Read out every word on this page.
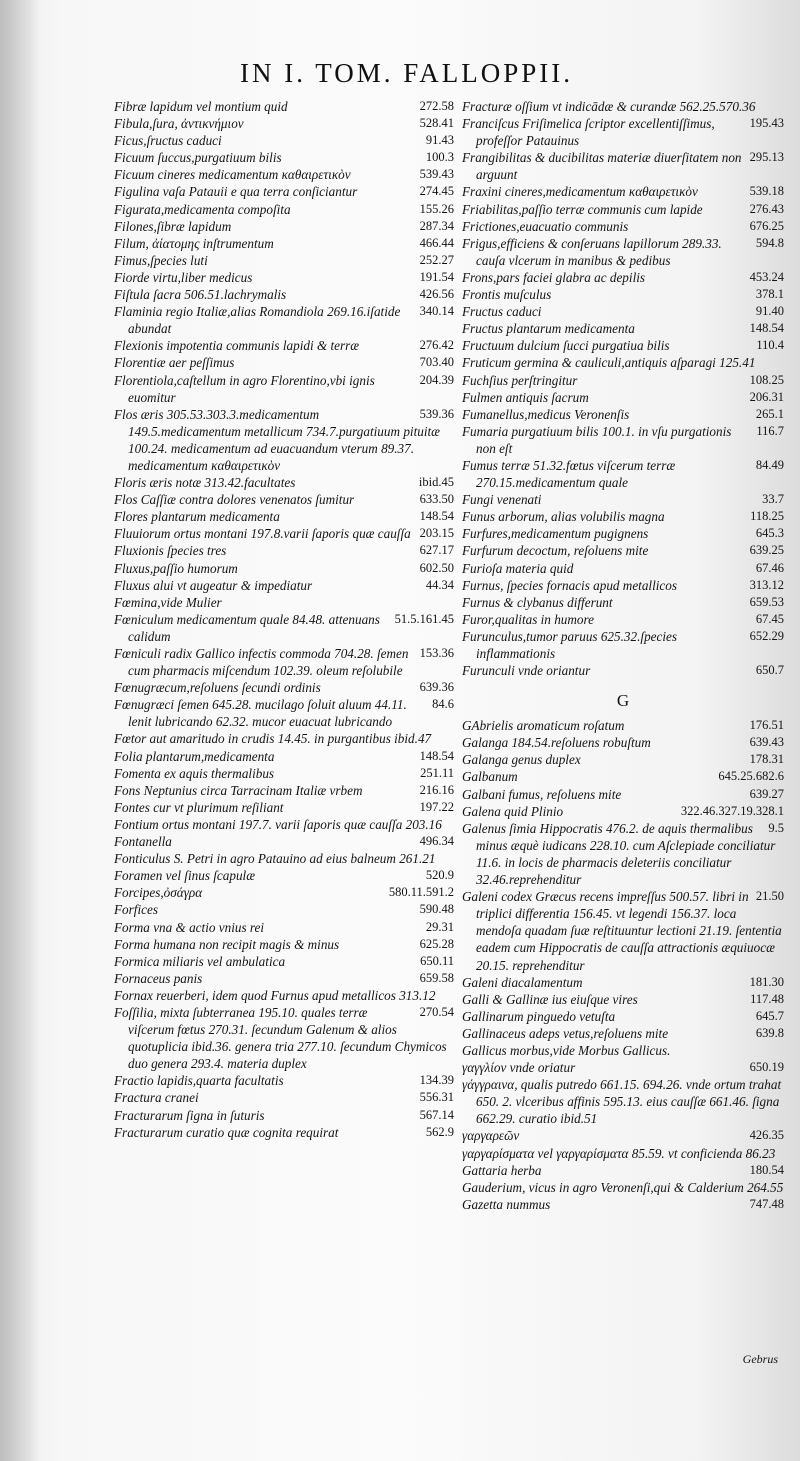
IN I. TOM. FALLOPPII.
272.58
Fibræ lapidum vel montium quid
528.41
Fibula,ſura, ἀντικνήμιον
91.43
Ficus,ſructus caduci
100.3
Ficuum ſuccus,purgatiuum bilis
539.43
Ficuum cineres medicamentum καθαιρετικὸν
274.45
Figulina vaſa Patauii e qua terra conſiciantur
155.26
Figurata,medicamenta compoſita
287.34
Filones,ſibræ lapidum
466.44
Filum, ἀίατομης inſtrumentum
252.27
Fimus,ſpecies luti
191.54
Fiorde virtu,liber medicus
426.56
Fiſtula ſacra 506.51.lachrymalis
340.14
Flaminia regio Italiæ,alias Romandiola 269.16.iſatide abundat
276.42
Flexionis impotentia communis lapidi & terræ
703.40
Florentiæ aer peſſimus
204.39
Florentiola,caſtellum in agro Florentino,vbi ignis euomitur
539.36
Flos æris 305.53.303.3.medicamentum 149.5.medicamentum metallicum 734.7.purgatiuum pituitæ 100.24. medicamentum ad euacuandum vterum 89.37. medicamentum καθαιρετικὸν
ibid.45
Floris æris notæ 313.42.facultates
633.50
Flos Caſſiæ contra dolores venenatos ſumitur
148.54
Flores plantarum medicamenta
203.15
Fluuiorum ortus montani 197.8.varii ſaporis quæ cauſſa
627.17
Fluxionis ſpecies tres
602.50
Fluxus,paſſio humorum
44.34
Fluxus alui vt augeatur & impediatur
Fœmina,vide Mulier
51.5.161.45
Fœniculum medicamentum quale 84.48. attenuans calidum
153.36
Fœniculi radix Gallico infectis commoda 704.28. ſemen cum pharmacis miſcendum 102.39. oleum reſolubile
639.36
Fœnugræcum,reſoluens ſecundi ordinis
84.6
Fœnugræci ſemen 645.28. mucilago ſoluit aluum 44.11. lenit lubricando 62.32. mucor euacuat lubricando
Fœtor aut amaritudo in crudis 14.45. in purgantibus ibid.47
148.54
Folia plantarum,medicamenta
251.11
Fomenta ex aquis thermalibus
216.16
Fons Neptunius circa Tarracinam Italiæ vrbem
197.22
Fontes cur vt plurimum reſiliant
Fontium ortus montani 197.7. varii ſaporis quæ cauſſa 203.16
496.34
Fontanella
Fonticulus S. Petri in agro Patauino ad eius balneum 261.21
520.9
Foramen vel ſinus ſcapulæ
580.11.591.2
Forcipes,ὀσάγρα
590.48
Forfices
29.31
Forma vna & actio vnius rei
625.28
Forma humana non recipit magis & minus
650.11
Formica miliaris vel ambulatica
659.58
Fornaceus panis
Fornax reuerberi, idem quod Furnus apud metallicos 313.12
270.54
Foſſilia, mixta ſubterranea 195.10. quales terræ viſcerum fœtus 270.31. ſecundum Galenum & alios quotuplicia ibid.36. genera tria 277.10. ſecundum Chymicos duo genera 293.4. materia duplex
134.39
Fractio lapidis,quarta facultatis
556.31
Fractura cranei
567.14
Fracturarum ſigna in ſuturis
562.9
Fracturarum curatio quæ cognita requirat
Fracturæ oſſium vt indicādæ & curandæ 562.25.570.36
195.43
Franciſcus Friſimelica ſcriptor excellentiſſimus, profeſſor Patauinus
295.13
Frangibilitas & ducibilitas materiæ diuerſitatem non arguunt
539.18
Fraxini cineres,medicamentum καθαιρετικὸν
276.43
Friabilitas,paſſio terræ communis cum lapide
676.25
Frictiones,euacuatio communis
594.8
Frigus,efficiens & conſeruans lapillorum 289.33. cauſa vlcerum in manibus & pedibus
453.24
Frons,pars faciei glabra ac depilis
378.1
Frontis muſculus
91.40
Fructus caduci
148.54
Fructus plantarum medicamenta
110.4
Fructuum dulcium ſucci purgatiua bilis
Fruticum germina & cauliculi,antiquis aſparagi 125.41
108.25
Fuchſius perſtringitur
206.31
Fulmen antiquis ſacrum
265.1
Fumanellus,medicus Veronenſis
116.7
Fumaria purgatiuum bilis 100.1. in vſu purgationis non eſt
84.49
Fumus terræ 51.32.fœtus viſcerum terræ 270.15.medicamentum quale
33.7
Fungi venenati
118.25
Funus arborum, alias volubilis magna
645.3
Furfures,medicamentum pugignens
639.25
Furfurum decoctum, reſoluens mite
67.46
Furioſa materia quid
313.12
Furnus, ſpecies fornacis apud metallicos
659.53
Furnus & clybanus differunt
67.45
Furor,qualitas in humore
652.29
Furunculus,tumor paruus 625.32.ſpecies inflammationis
650.7
Furunculi vnde oriantur
G
176.51
GAbrielis aromaticum roſatum
639.43
Galanga 184.54.reſoluens robuſtum
178.31
Galanga genus duplex
645.25.682.6
Galbanum
639.27
Galbani fumus, reſoluens mite
322.46.327.19.328.1
Galena quid Plinio
9.5
Galenus ſimia Hippocratis 476.2. de aquis thermalibus minus æquè iudicans 228.10. cum Aſclepiade conciliatur 11.6. in locis de pharmacis deleteriis conciliatur 32.46.reprehenditur
21.50
Galeni codex Græcus recens impreſſus 500.57. libri in triplici differentia 156.45. vt legendi 156.37. loca mendoſa quadam ſuæ reſtituuntur lectioni 21.19. ſententia eadem cum Hippocratis de cauſſa attractionis æquiuocæ 20.15. reprehenditur
181.30
Galeni diacalamentum
117.48
Galli & Gallinæ ius eiuſque vires
645.7
Gallinarum pinguedo vetuſta
639.8
Gallinaceus adeps vetus,reſoluens mite
Gallicus morbus,vide Morbus Gallicus.
650.19
γαγγλίον vnde oriatur
γάγγραινα, qualis putredo 661.15. 694.26. vnde ortum trahat 650. 2. vlceribus affinis 595.13. eius cauſſæ 661.46. ſigna 662.29. curatio ibid.51
426.35
γαργαρεῶν
γαργαρίσματα vel γαργαρίσματα 85.59. vt conficienda 86.23
180.54
Gattaria herba
Gauderium, vicus in agro Veronenſi,qui & Calderium 264.55
747.48
Gazetta nummus
Gebrus
